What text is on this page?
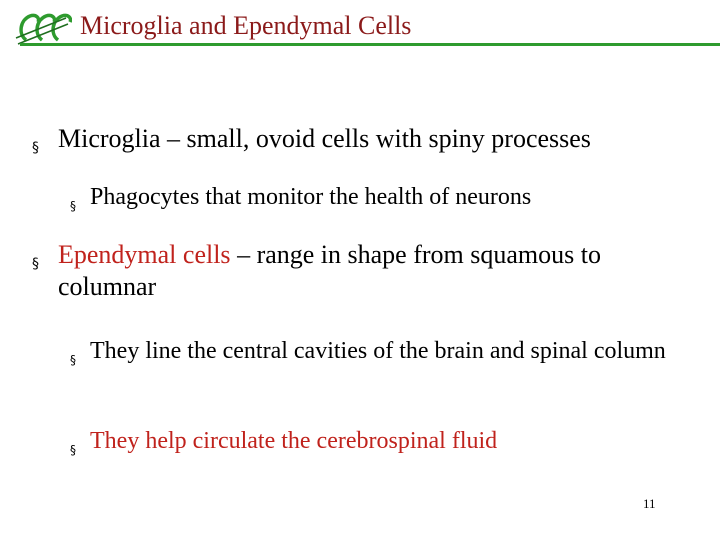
Microglia and Ependymal Cells
§ Microglia – small, ovoid cells with spiny processes
§ Phagocytes that monitor the health of neurons
§ Ependymal cells – range in shape from squamous to columnar
§ They line the central cavities of the brain and spinal column
§ They help circulate the cerebrospinal fluid
11
